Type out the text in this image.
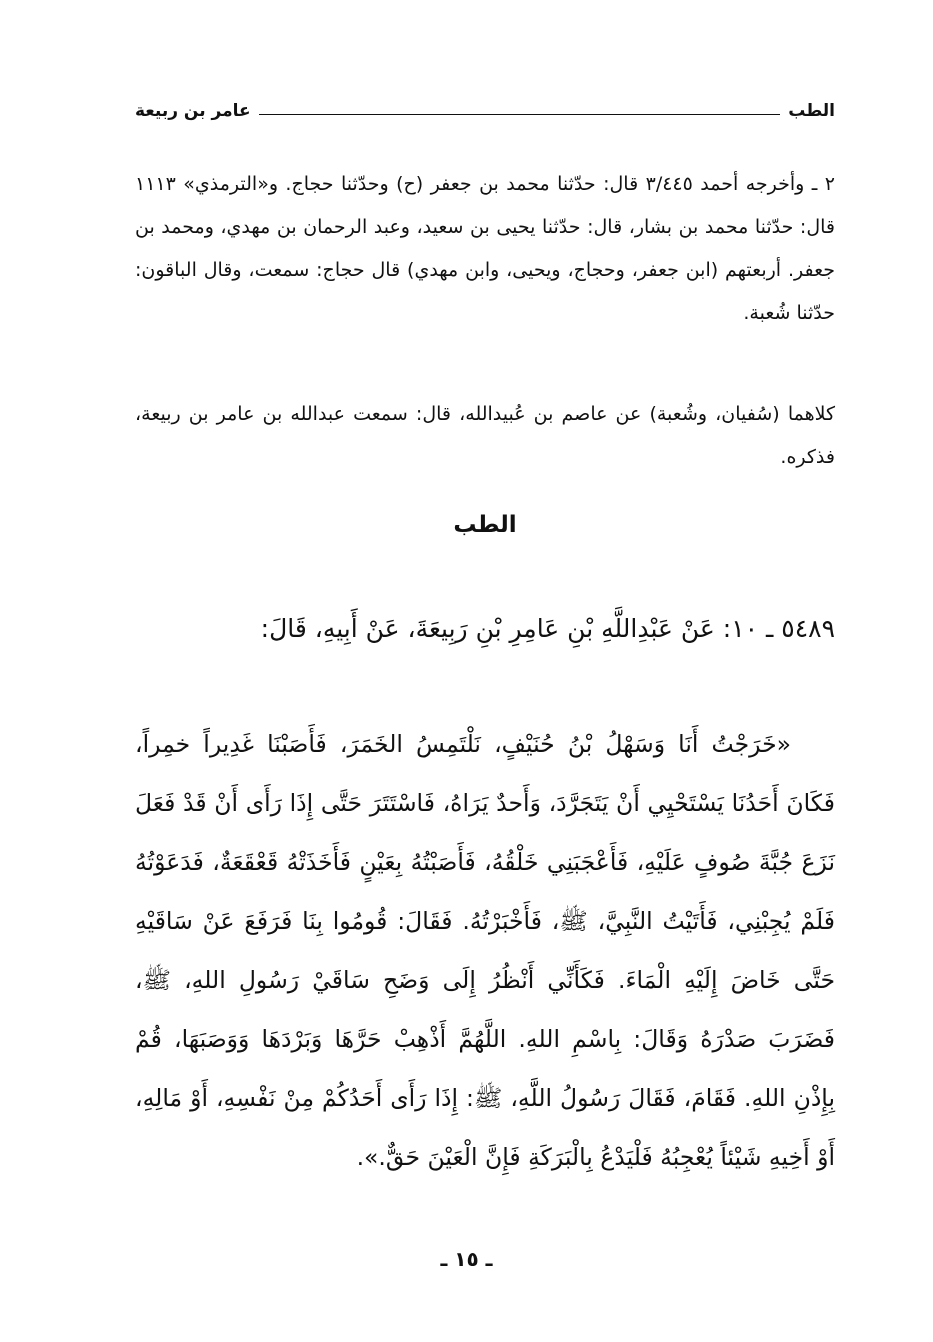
الطب
عامر بن ربيعة

٢ ـ وأخرجه أحمد ٣/٤٤٥ قال: حدّثنا محمد بن جعفر (ح) وحدّثنا حجاج. و«الترمذي» ١١١٣ قال: حدّثنا محمد بن بشار، قال: حدّثنا يحيى بن سعيد، وعبد الرحمان بن مهدي، ومحمد بن جعفر. أربعتهم (ابن جعفر، وحجاج، ويحيى، وابن مهدي) قال حجاج: سمعت، وقال الباقون: حدّثنا شُعبة.

كلاهما (سُفيان، وشُعبة) عن عاصم بن عُبيدالله، قال: سمعت عبدالله بن عامر بن ربيعة، فذكره.

الطب

٥٤٨٩ ـ ١٠: عَنْ عَبْدِاللَّهِ بْنِ عَامِرِ بْنِ رَبِيعَةَ، عَنْ أَبِيهِ، قَالَ:

«خَرَجْتُ أَنَا وَسَهْلُ بْنُ حُنَيْفٍ، نَلْتَمِسُ الخَمَرَ، فَأَصَبْنَا غَدِيراً خمِراً، فَكَانَ أَحَدُنَا يَسْتَحْيِي أَنْ يَتَجَرَّدَ، وَأَحدٌ يَرَاهُ، فَاسْتَتَرَ حَتَّى إِذَا رَأَى أَنْ قَدْ فَعَلَ نَزَعَ جُبَّةَ صُوفٍ عَلَيْهِ، فَأَعْجَبَنِي خَلْقُهُ، فَأَصَبْتُهُ بِعَيْنٍ فَأَخَذَتْهُ قَعْقَعَةٌ، فَدَعَوْتُهُ فَلَمْ يُجِبْنِي، فَأَتَيْتُ النَّبِيَّ، ﷺ، فَأَخْبَرْتُهُ. فَقَالَ: قُومُوا بِنَا فَرَفَعَ عَنْ سَاقَيْهِ حَتَّى خَاضَ إِلَيْهِ الْمَاءَ. فَكَأَنِّي أَنْظُرُ إِلَى وَضَحِ سَاقَيْ رَسُولِ اللهِ، ﷺ، فَضَرَبَ صَدْرَهُ وَقَالَ: بِاسْمِ اللهِ. اللَّهُمَّ أَذْهِبْ حَرَّهَا وَبَرْدَهَا وَوَصَبَهَا، قُمْ بِإِذْنِ اللهِ. فَقَامَ، فَقَالَ رَسُولُ اللَّهِ، ﷺ: إِذَا رَأَى أَحَدُكُمْ مِنْ نَفْسِهِ، أَوْ مَالِهِ، أَوْ أَخِيهِ شَيْئاً يُعْجِبُهُ فَلْيَدْعُ بِالْبَرَكَةِ فَإِنَّ الْعَيْنَ حَقٌّ.».

ـ ١٥ ـ
